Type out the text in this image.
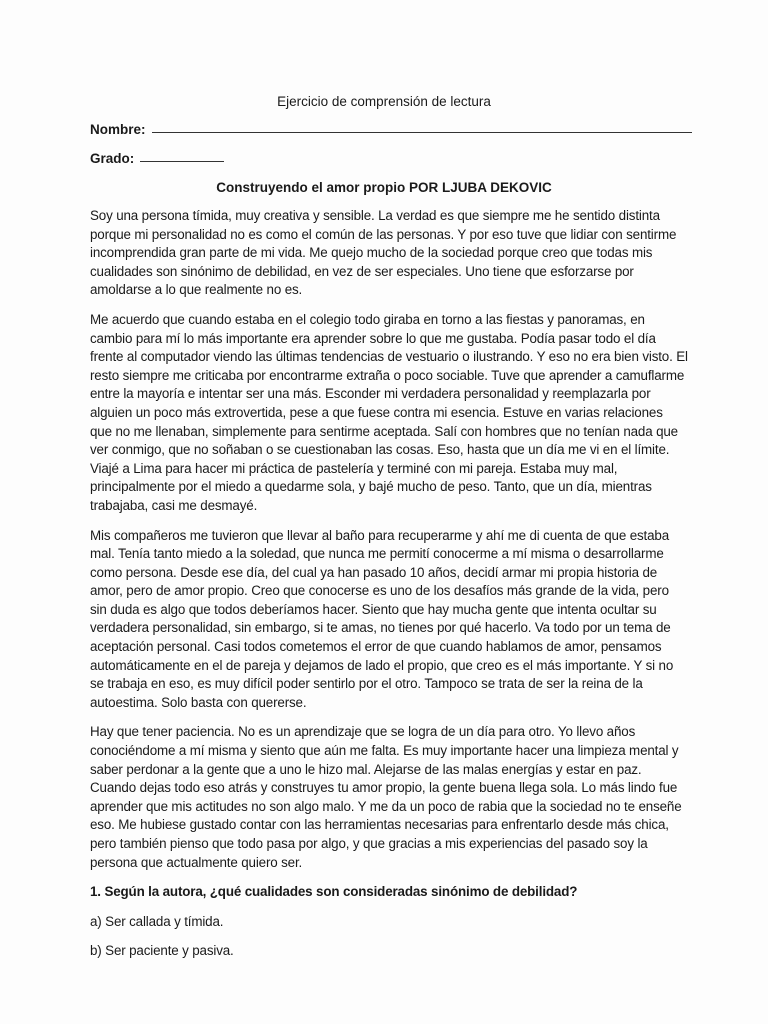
Ejercicio de comprensión de lectura
Nombre:
Grado:
Construyendo el amor propio POR LJUBA DEKOVIC

Soy una persona tímida, muy creativa y sensible. La verdad es que siempre me he sentido distinta porque mi personalidad no es como el común de las personas. Y por eso tuve que lidiar con sentirme incomprendida gran parte de mi vida. Me quejo mucho de la sociedad porque creo que todas mis cualidades son sinónimo de debilidad, en vez de ser especiales. Uno tiene que esforzarse por amoldarse a lo que realmente no es.

Me acuerdo que cuando estaba en el colegio todo giraba en torno a las fiestas y panoramas, en cambio para mí lo más importante era aprender sobre lo que me gustaba. Podía pasar todo el día frente al computador viendo las últimas tendencias de vestuario o ilustrando. Y eso no era bien visto. El resto siempre me criticaba por encontrarme extraña o poco sociable. Tuve que aprender a camuflarme entre la mayoría e intentar ser una más. Esconder mi verdadera personalidad y reemplazarla por alguien un poco más extrovertida, pese a que fuese contra mi esencia. Estuve en varias relaciones que no me llenaban, simplemente para sentirme aceptada. Salí con hombres que no tenían nada que ver conmigo, que no soñaban o se cuestionaban las cosas. Eso, hasta que un día me vi en el límite. Viajé a Lima para hacer mi práctica de pastelería y terminé con mi pareja. Estaba muy mal, principalmente por el miedo a quedarme sola, y bajé mucho de peso. Tanto, que un día, mientras trabajaba, casi me desmayé.

Mis compañeros me tuvieron que llevar al baño para recuperarme y ahí me di cuenta de que estaba mal. Tenía tanto miedo a la soledad, que nunca me permití conocerme a mí misma o desarrollarme como persona. Desde ese día, del cual ya han pasado 10 años, decidí armar mi propia historia de amor, pero de amor propio. Creo que conocerse es uno de los desafíos más grande de la vida, pero sin duda es algo que todos deberíamos hacer. Siento que hay mucha gente que intenta ocultar su verdadera personalidad, sin embargo, si te amas, no tienes por qué hacerlo. Va todo por un tema de aceptación personal. Casi todos cometemos el error de que cuando hablamos de amor, pensamos automáticamente en el de pareja y dejamos de lado el propio, que creo es el más importante. Y si no se trabaja en eso, es muy difícil poder sentirlo por el otro. Tampoco se trata de ser la reina de la autoestima. Solo basta con quererse.

Hay que tener paciencia. No es un aprendizaje que se logra de un día para otro. Yo llevo años conociéndome a mí misma y siento que aún me falta. Es muy importante hacer una limpieza mental y saber perdonar a la gente que a uno le hizo mal. Alejarse de las malas energías y estar en paz. Cuando dejas todo eso atrás y construyes tu amor propio, la gente buena llega sola. Lo más lindo fue aprender que mis actitudes no son algo malo. Y me da un poco de rabia que la sociedad no te enseñe eso. Me hubiese gustado contar con las herramientas necesarias para enfrentarlo desde más chica, pero también pienso que todo pasa por algo, y que gracias a mis experiencias del pasado soy la persona que actualmente quiero ser.

1. Según la autora, ¿qué cualidades son consideradas sinónimo de debilidad?

a) Ser callada y tímida.

b) Ser paciente y pasiva.
